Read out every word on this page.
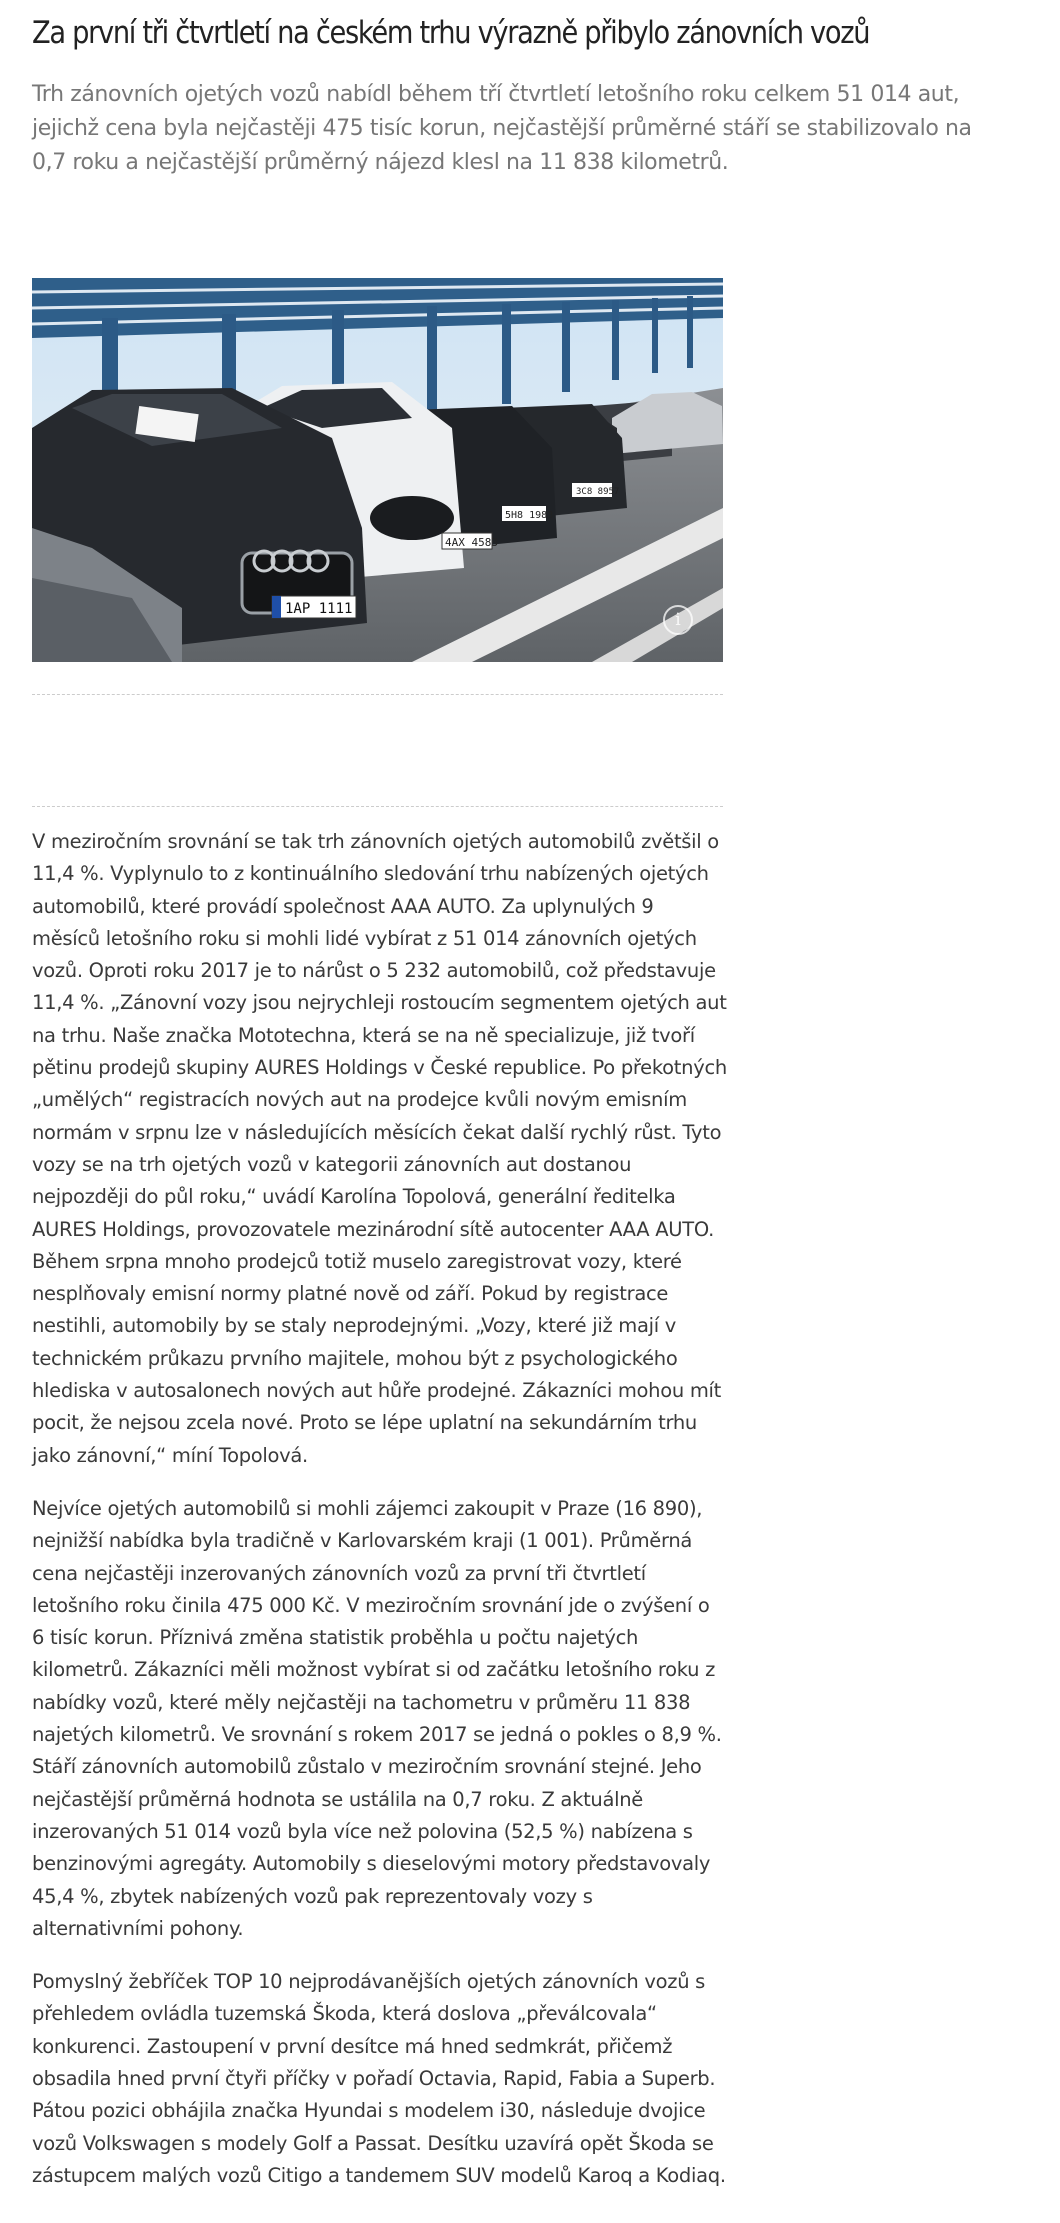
Za první tři čtvrtletí na českém trhu výrazně přibylo zánovních vozů

Trh zánovních ojetých vozů nabídl během tří čtvrtletí letošního roku celkem 51 014 aut, jejichž cena byla nejčastěji 475 tisíc korun, nejčastější průměrné stáří se stabilizovalo na 0,7 roku a nejčastější průměrný nájezd klesl na 11 838 kilometrů.

3C8 8957
5H8 1983
4AX 4583
1AP 1111
i

V meziročním srovnání se tak trh zánovních ojetých automobilů zvětšil o 11,4 %. Vyplynulo to z kontinuálního sledování trhu nabízených ojetých automobilů, které provádí společnost AAA AUTO. Za uplynulých 9 měsíců letošního roku si mohli lidé vybírat z 51 014 zánovních ojetých vozů. Oproti roku 2017 je to nárůst o 5 232 automobilů, což představuje 11,4 %. „Zánovní vozy jsou nejrychleji rostoucím segmentem ojetých aut na trhu. Naše značka Mototechna, která se na ně specializuje, již tvoří pětinu prodejů skupiny AURES Holdings v České republice. Po překotných „umělých“ registracích nových aut na prodejce kvůli novým emisním normám v srpnu lze v následujících měsících čekat další rychlý růst. Tyto vozy se na trh ojetých vozů v kategorii zánovních aut dostanou nejpozději do půl roku,“ uvádí Karolína Topolová, generální ředitelka AURES Holdings, provozovatele mezinárodní sítě autocenter AAA AUTO. Během srpna mnoho prodejců totiž muselo zaregistrovat vozy, které nesplňovaly emisní normy platné nově od září. Pokud by registrace nestihli, automobily by se staly neprodejnými. „Vozy, které již mají v technickém průkazu prvního majitele, mohou být z psychologického hlediska v autosalonech nových aut hůře prodejné. Zákazníci mohou mít pocit, že nejsou zcela nové. Proto se lépe uplatní na sekundárním trhu jako zánovní,“ míní Topolová.

Nejvíce ojetých automobilů si mohli zájemci zakoupit v Praze (16 890), nejnižší nabídka byla tradičně v Karlovarském kraji (1 001). Průměrná cena nejčastěji inzerovaných zánovních vozů za první tři čtvrtletí letošního roku činila 475 000 Kč. V meziročním srovnání jde o zvýšení o 6 tisíc korun. Příznivá změna statistik proběhla u počtu najetých kilometrů. Zákazníci měli možnost vybírat si od začátku letošního roku z nabídky vozů, které měly nejčastěji na tachometru v průměru 11 838 najetých kilometrů. Ve srovnání s rokem 2017 se jedná o pokles o 8,9 %. Stáří zánovních automobilů zůstalo v meziročním srovnání stejné. Jeho nejčastější průměrná hodnota se ustálila na 0,7 roku. Z aktuálně inzerovaných 51 014 vozů byla více než polovina (52,5 %) nabízena s benzinovými agregáty. Automobily s dieselovými motory představovaly 45,4 %, zbytek nabízených vozů pak reprezentovaly vozy s alternativními pohony.

Pomyslný žebříček TOP 10 nejprodávanějších ojetých zánovních vozů s přehledem ovládla tuzemská Škoda, která doslova „převálcovala“ konkurenci. Zastoupení v první desítce má hned sedmkrát, přičemž obsadila hned první čtyři příčky v pořadí Octavia, Rapid, Fabia a Superb. Pátou pozici obhájila značka Hyundai s modelem i30, následuje dvojice vozů Volkswagen s modely Golf a Passat. Desítku uzavírá opět Škoda se zástupcem malých vozů Citigo a tandemem SUV modelů Karoq a Kodiaq.
